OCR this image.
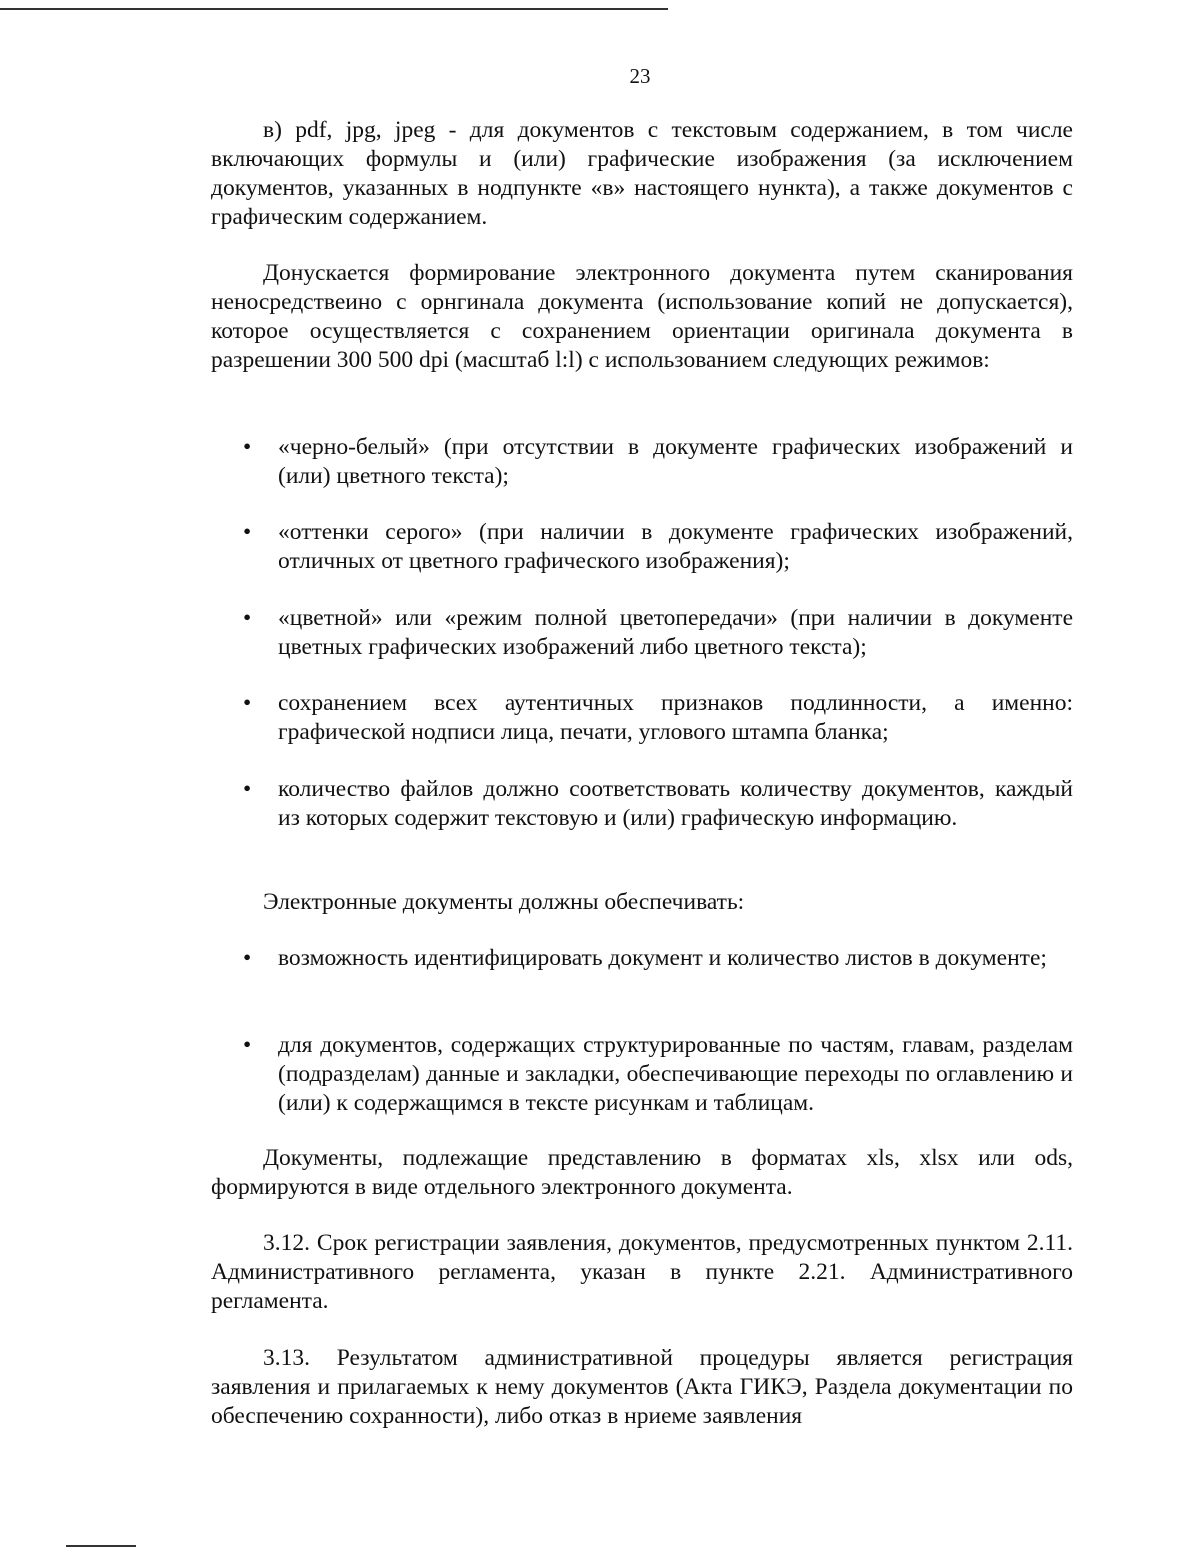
23

в) pdf, jpg, jpeg - для документов с текстовым содержанием, в том числе включающих формулы и (или) графические изображения (за исключением документов, указанных в нодпункте «в» настоящего нункта), а также документов с графическим содержанием.

Донускается формирование электронного документа путем сканирования неносредствеино с орнгинала документа (использование копий не допускается), которое осуществляется с сохранением ориентации оригинала документа в разрешении 300 500 dpi (масштаб l:l) с использованием следующих режимов:

•	«черно-белый» (при отсутствии в документе графических изображений и (или) цветного текста);
•	«оттенки серого» (при наличии в документе графических изображений, отличных от цветного графического изображения);
•	«цветной» или «режим полной цветопередачи» (при наличии в документе цветных графических изображений либо цветного текста);
•	сохранением всех аутентичных признаков подлинности, а именно: графической нодписи лица, печати, углового штампа бланка;
•	количество файлов должно соответствовать количеству документов, каждый из которых содержит текстовую и (или) графическую информацию.

Электронные документы должны обеспечивать:

•	возможность идентифицировать документ и количество листов в документе;
•	для документов, содержащих структурированные по частям, главам, разделам (подразделам) данные и закладки, обеспечивающие переходы по оглавлению и (или) к содержащимся в тексте рисункам и таблицам.

Документы, подлежащие представлению в форматах xls, xlsx или ods, формируются в виде отдельного электронного документа.

3.12. Срок регистрации заявления, документов, предусмотренных пунктом 2.11. Административного регламента, указан в пункте 2.21. Административного регламента.

3.13. Результатом административной процедуры является регистрация заявления и прилагаемых к нему документов (Акта ГИКЭ, Раздела документации по обеспечению сохранности), либо отказ в нриеме заявления
